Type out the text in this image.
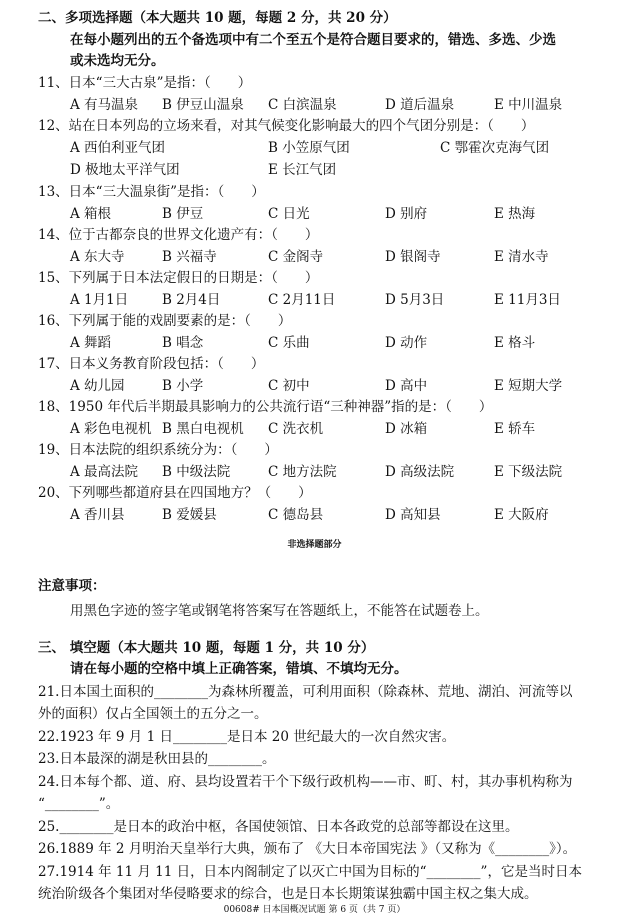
二、多项选择题（本大题共 10 题，每题 2 分，共 20 分）
在每小题列出的五个备选项中有二个至五个是符合题目要求的，错选、多选、少选
或未选均无分。
11、日本“三大古泉”是指：（　　）
A 有马温泉 B 伊豆山温泉 C 白滨温泉	D 道后温泉	E 中川温泉
12、站在日本列岛的立场来看，对其气候变化影响最大的四个气团分别是：（　　）
A 西伯利亚气团	B 小笠原气团	C 鄂霍次克海气团
D 极地太平洋气团	E 长江气团
13、日本“三大温泉街”是指：（　　）
A 箱根	B 伊豆	C 日光	D 别府	E 热海
14、位于古都奈良的世界文化遗产有：（　　）
A 东大寺	B 兴福寺	C 金阁寺	D 银阁寺	E 清水寺
15、下列属于日本法定假日的日期是：（　　）
A 1月1日	B 2月4日	C 2月11日	D 5月3日	E 11月3日
16、下列属于能的戏剧要素的是：（　　）
A 舞蹈	B 唱念	C 乐曲	D 动作	E 格斗
17、日本义务教育阶段包括：（　　）
A 幼儿园	B 小学	C 初中	D 高中	E 短期大学
18、1950 年代后半期最具影响力的公共流行语“三种神器”指的是：（　　）
A 彩色电视机 B 黑白电视机 C 洗衣机	D 冰箱	E 轿车
19、日本法院的组织系统分为：（　　）
A 最高法院 B 中级法院	C 地方法院	D 高级法院	E 下级法院
20、下列哪些都道府县在四国地方？（　　）
A 香川县	B 爱媛县	C 德岛县	D 高知县	E 大阪府
非选择题部分
注意事项：
用黑色字迹的签字笔或钢笔将答案写在答题纸上，不能答在试题卷上。
三、 填空题（本大题共 10 题，每题 1 分，共 10 分）
请在每小题的空格中填上正确答案，错填、不填均无分。
21.日本国土面积的________为森林所覆盖，可利用面积（除森林、荒地、湖泊、河流等以
外的面积）仅占全国领土的五分之一。
22.1923 年 9 月 1 日________是日本 20 世纪最大的一次自然灾害。
23.日本最深的湖是秋田县的________。
24.日本每个都、道、府、县均设置若干个下级行政机构——市、町、村，其办事机构称为
“________”。
25.________是日本的政治中枢，各国使领馆、日本各政党的总部等都设在这里。
26.1889 年 2 月明治天皇举行大典，颁布了 《大日本帝国宪法 》（又称为《________》）。
27.1914 年 11 月 11 日，日本内阁制定了以灭亡中国为目标的“________”，它是当时日本
统治阶级各个集团对华侵略要求的综合，也是日本长期策谋独霸中国主权之集大成。
00608# 日本国概况试题 第 6 页（共 7 页）
